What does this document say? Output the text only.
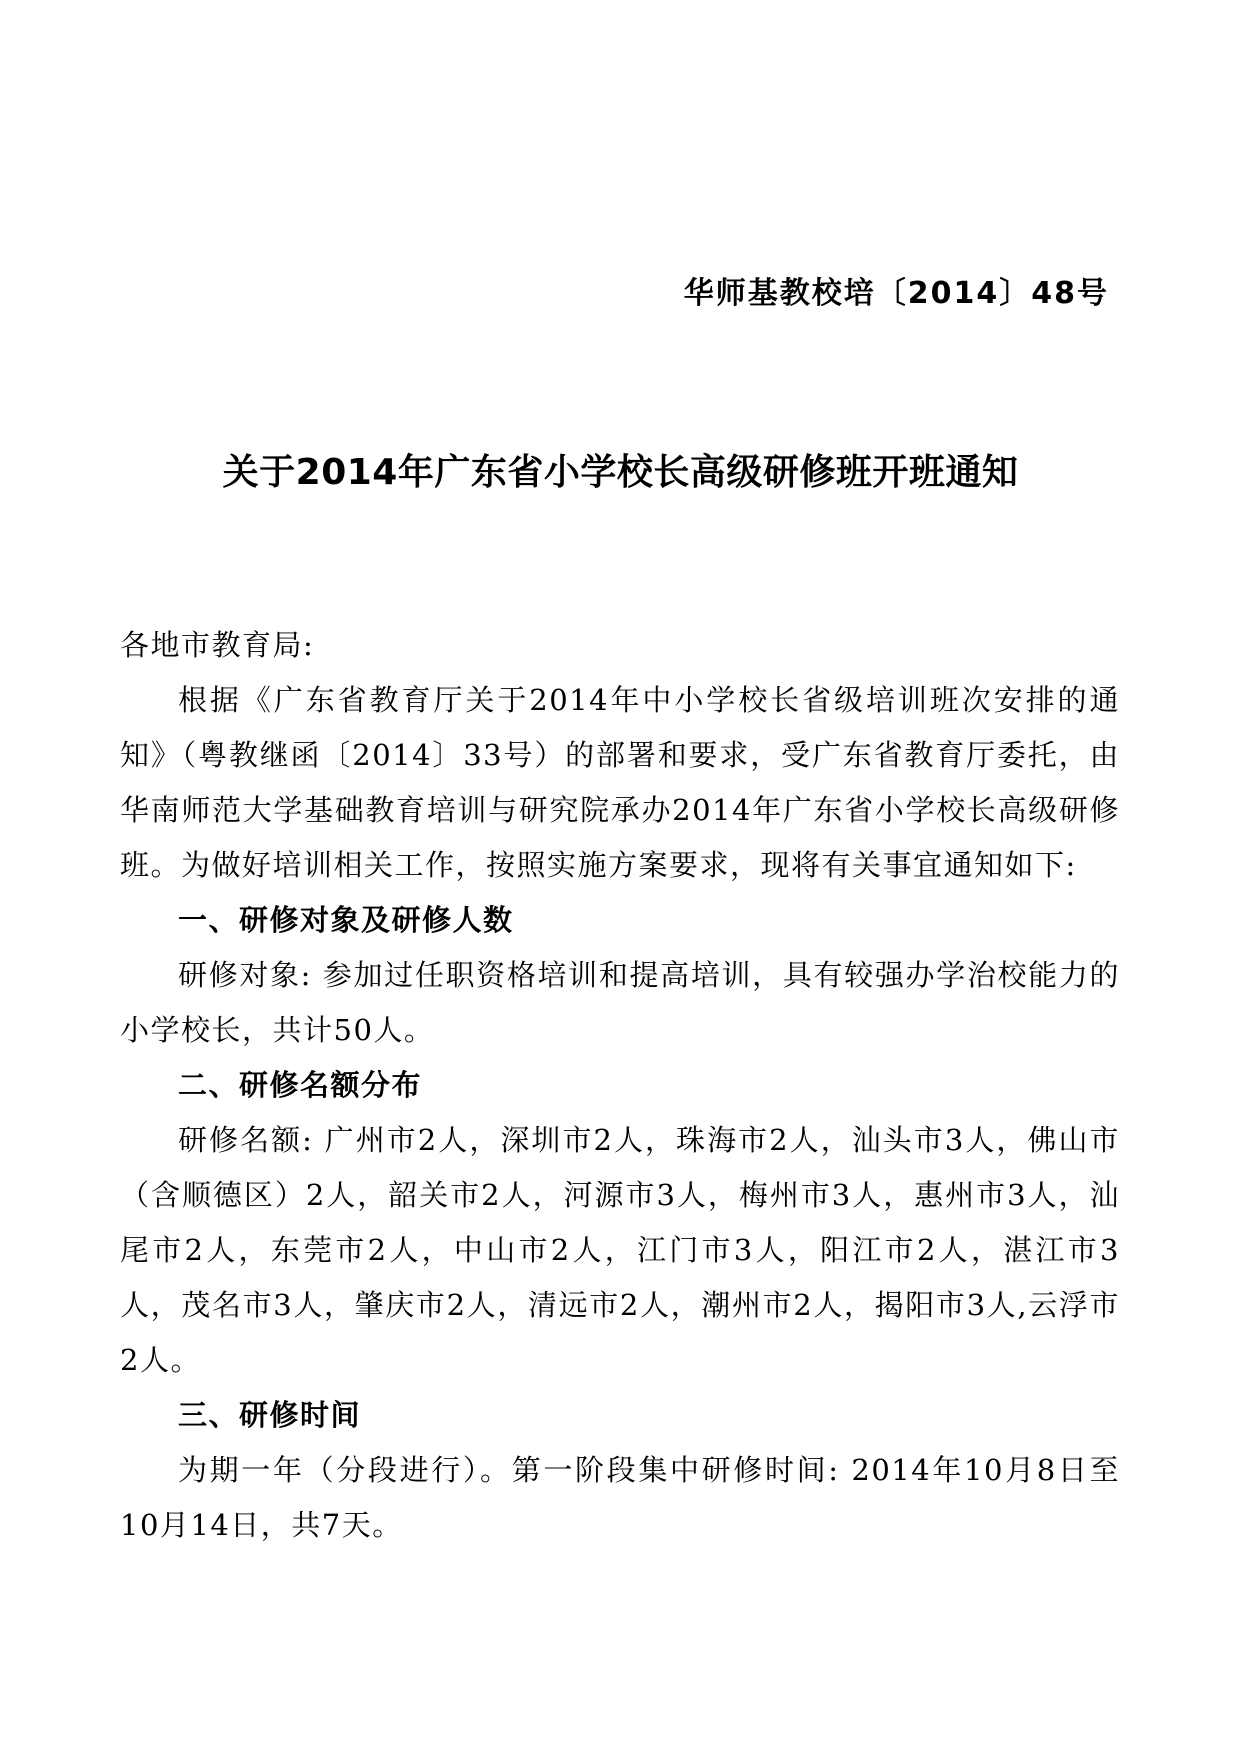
华师基教校培〔2014〕48号
关于2014年广东省小学校长高级研修班开班通知

各地市教育局:

根据《广东省教育厅关于2014年中小学校长省级培训班次安排的通知》（粤教继函〔2014〕33号）的部署和要求，受广东省教育厅委托，由华南师范大学基础教育培训与研究院承办2014年广东省小学校长高级研修班。为做好培训相关工作，按照实施方案要求，现将有关事宜通知如下:

一、研修对象及研修人数

研修对象: 参加过任职资格培训和提高培训，具有较强办学治校能力的小学校长，共计50人。

二、研修名额分布

研修名额: 广州市2人，深圳市2人，珠海市2人，汕头市3人，佛山市（含顺德区）2人，韶关市2人，河源市3人，梅州市3人，惠州市3人，汕尾市2人，东莞市2人，中山市2人，江门市3人，阳江市2人，湛江市3人，茂名市3人，肇庆市2人，清远市2人，潮州市2人，揭阳市3人,云浮市2人。

三、研修时间

为期一年（分段进行）。第一阶段集中研修时间: 2014年10月8日至10月14日，共7天。
